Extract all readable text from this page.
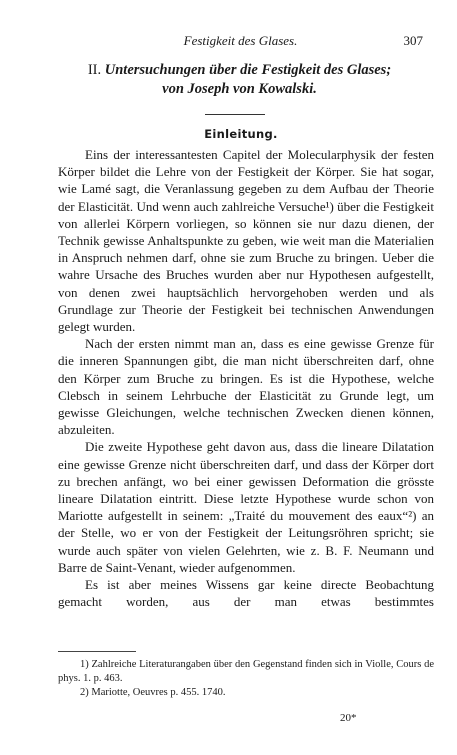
Festigkeit des Glases.	307
II. Untersuchungen über die Festigkeit des Glases;
von Joseph von Kowalski.
Einleitung.

Eins der interessantesten Capitel der Molecularphysik der festen Körper bildet die Lehre von der Festigkeit der Körper. Sie hat sogar, wie Lamé sagt, die Veranlassung gegeben zu dem Aufbau der Theorie der Elasticität. Und wenn auch zahlreiche Versuche¹) über die Festigkeit von allerlei Körpern vorliegen, so können sie nur dazu dienen, der Technik gewisse Anhaltspunkte zu geben, wie weit man die Materialien in Anspruch nehmen darf, ohne sie zum Bruche zu bringen. Ueber die wahre Ursache des Bruches wurden aber nur Hypothesen aufgestellt, von denen zwei hauptsächlich hervorgehoben werden und als Grundlage zur Theorie der Festigkeit bei technischen Anwendungen gelegt wurden.

Nach der ersten nimmt man an, dass es eine gewisse Grenze für die inneren Spannungen gibt, die man nicht überschreiten darf, ohne den Körper zum Bruche zu bringen. Es ist die Hypothese, welche Clebsch in seinem Lehrbuche der Elasticität zu Grunde legt, um gewisse Gleichungen, welche technischen Zwecken dienen können, abzuleiten.

Die zweite Hypothese geht davon aus, dass die lineare Dilatation eine gewisse Grenze nicht überschreiten darf, und dass der Körper dort zu brechen anfängt, wo bei einer gewissen Deformation die grösste lineare Dilatation eintritt. Diese letzte Hypothese wurde schon von Mariotte aufgestellt in seinem: „Traité du mouvement des eaux“²) an der Stelle, wo er von der Festigkeit der Leitungsröhren spricht; sie wurde auch später von vielen Gelehrten, wie z. B. F. Neumann und Barre de Saint-Venant, wieder aufgenommen.

Es ist aber meines Wissens gar keine directe Beobachtung gemacht worden, aus der man etwas bestimmtes

1) Zahlreiche Literaturangaben über den Gegenstand finden sich in Violle, Cours de phys. 1. p. 463.

2) Mariotte, Oeuvres p. 455. 1740.

20*
